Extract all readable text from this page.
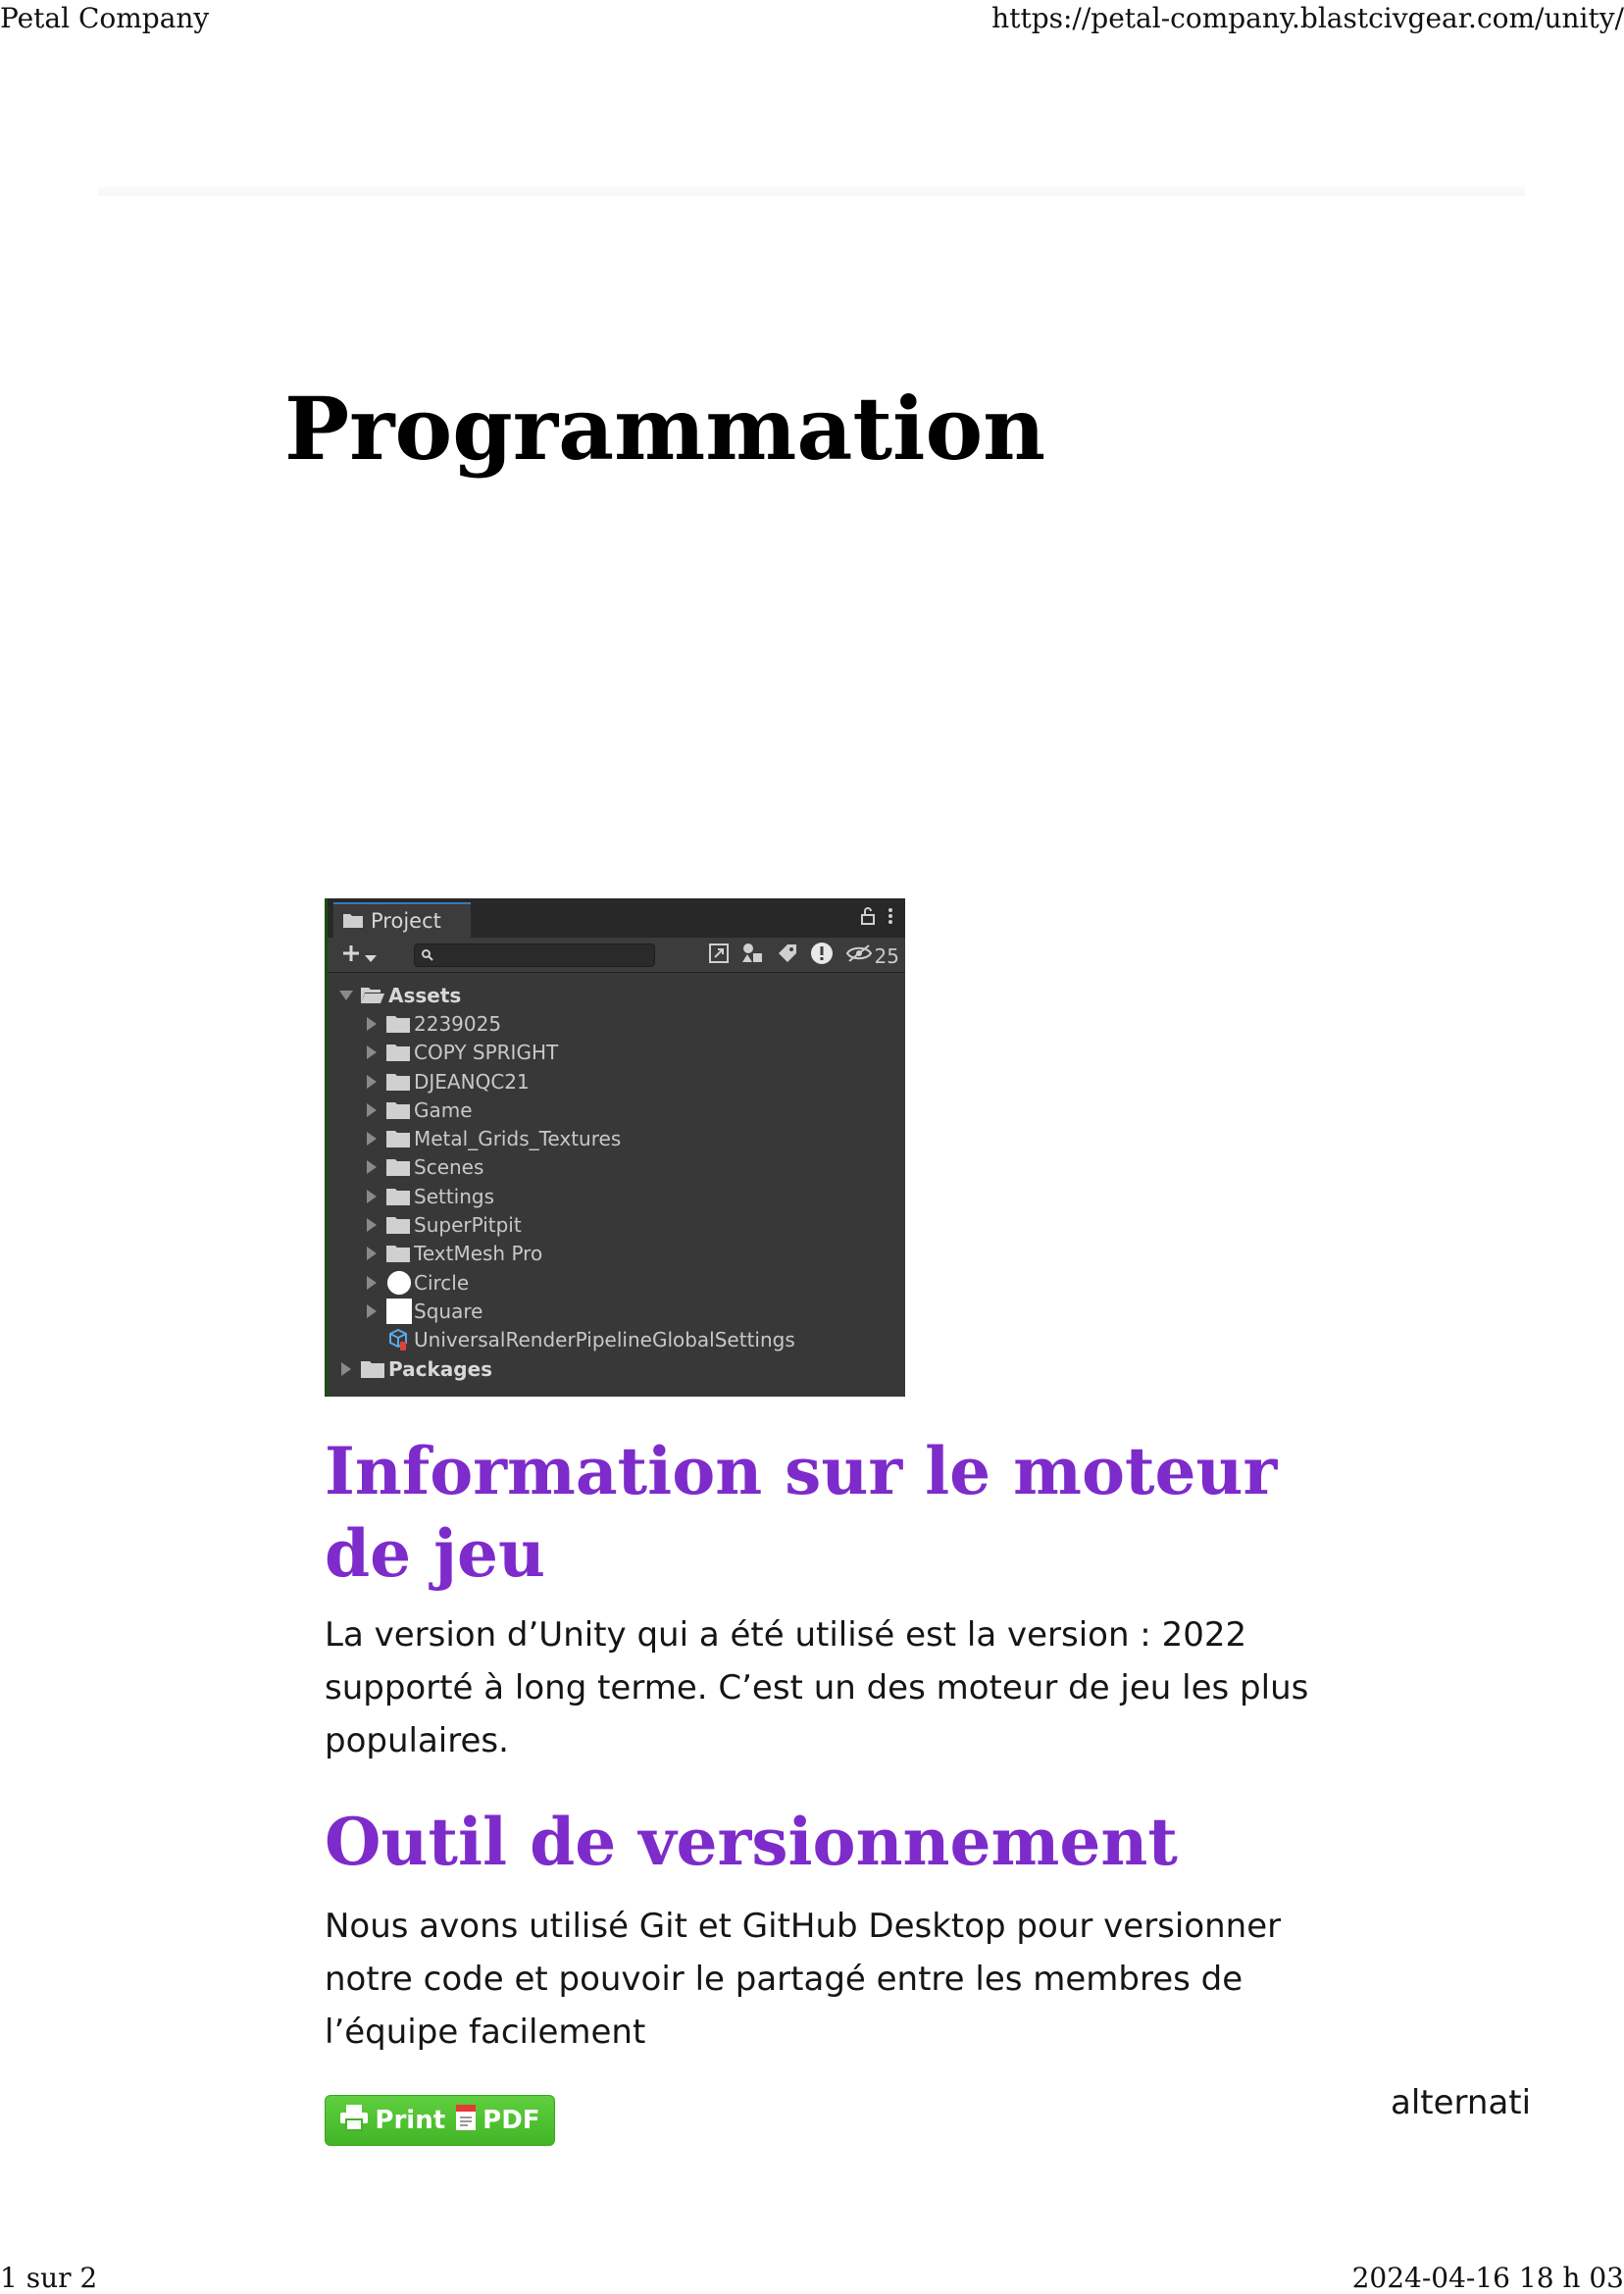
Petal Company	https://petal-company.blastcivgear.com/unity/
Programmation
Project
25
Assets
2239025
COPY SPRIGHT
DJEANQC21
Game
Metal_Grids_Textures
Scenes
Settings
SuperPitpit
TextMesh Pro
Circle
Square
UniversalRenderPipelineGlobalSettings
Packages
Information sur le moteur de jeu

La version d’Unity qui a été utilisé est la version : 2022 supporté à long terme. C’est un des moteur de jeu les plus populaires.

Outil de versionnement

Nous avons utilisé Git et GitHub Desktop pour versionner notre code et pouvoir le partagé entre les membres de l’équipe facilement

Print PDF	alternati
1 sur 2	2024-04-16 18 h 03
